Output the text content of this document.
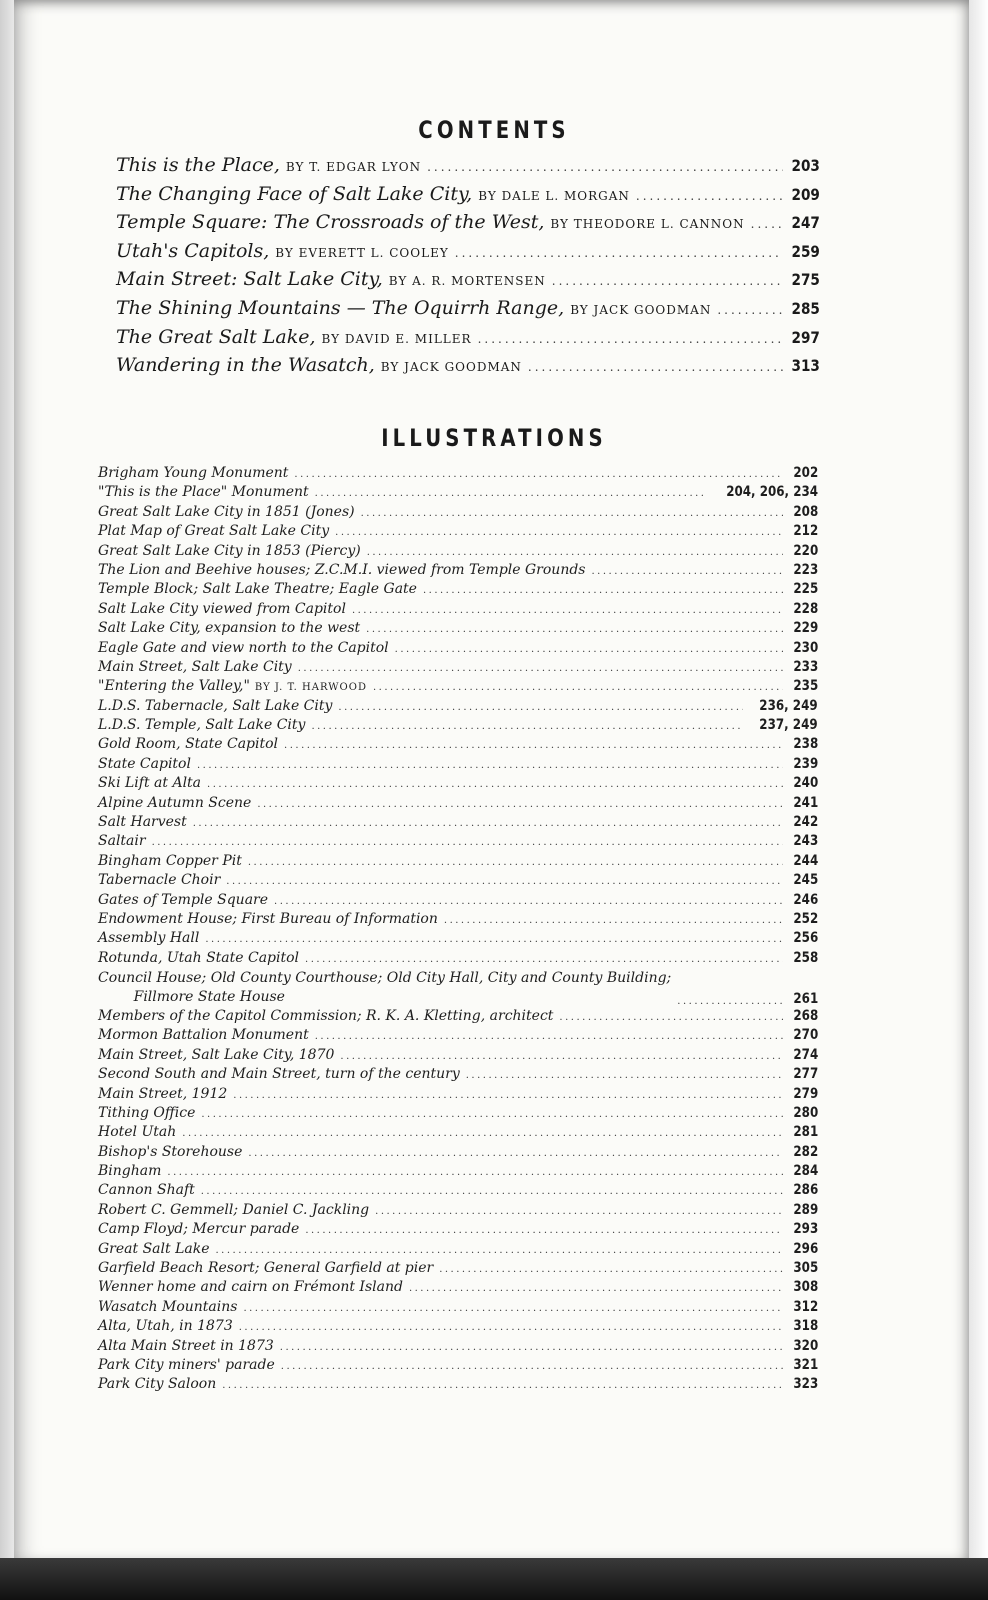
CONTENTS
This is the Place, BY T. EDGAR LYON .....	203
The Changing Face of Salt Lake City, BY DALE L. MORGAN .....	209
Temple Square: The Crossroads of the West, BY THEODORE L. CANNON .....	247
Utah's Capitols, BY EVERETT L. COOLEY .....	259
Main Street: Salt Lake City, BY A. R. MORTENSEN .....	275
The Shining Mountains — The Oquirrh Range, BY JACK GOODMAN .....	285
The Great Salt Lake, BY DAVID E. MILLER .....	297
Wandering in the Wasatch, BY JACK GOODMAN .....	313
ILLUSTRATIONS
Brigham Young Monument .....	202
"This is the Place" Monument .....	204, 206, 234
Great Salt Lake City in 1851 (Jones) .....	208
Plat Map of Great Salt Lake City .....	212
Great Salt Lake City in 1853 (Piercy) .....	220
The Lion and Beehive houses; Z.C.M.I. viewed from Temple Grounds .....	223
Temple Block; Salt Lake Theatre; Eagle Gate .....	225
Salt Lake City viewed from Capitol .....	228
Salt Lake City, expansion to the west .....	229
Eagle Gate and view north to the Capitol .....	230
Main Street, Salt Lake City .....	233
"Entering the Valley," BY J. T. HARWOOD .....	235
L.D.S. Tabernacle, Salt Lake City .....	236, 249
L.D.S. Temple, Salt Lake City .....	237, 249
Gold Room, State Capitol .....	238
State Capitol .....	239
Ski Lift at Alta .....	240
Alpine Autumn Scene .....	241
Salt Harvest .....	242
Saltair .....	243
Bingham Copper Pit .....	244
Tabernacle Choir .....	245
Gates of Temple Square .....	246
Endowment House; First Bureau of Information .....	252
Assembly Hall .....	256
Rotunda, Utah State Capitol .....	258
Council House; Old County Courthouse; Old City Hall, City and County Building;
Fillmore State House .....	261
Members of the Capitol Commission; R. K. A. Kletting, architect .....	268
Mormon Battalion Monument .....	270
Main Street, Salt Lake City, 1870 .....	274
Second South and Main Street, turn of the century .....	277
Main Street, 1912 .....	279
Tithing Office .....	280
Hotel Utah .....	281
Bishop's Storehouse .....	282
Bingham .....	284
Cannon Shaft .....	286
Robert C. Gemmell; Daniel C. Jackling .....	289
Camp Floyd; Mercur parade .....	293
Great Salt Lake .....	296
Garfield Beach Resort; General Garfield at pier .....	305
Wenner home and cairn on Frémont Island .....	308
Wasatch Mountains .....	312
Alta, Utah, in 1873 .....	318
Alta Main Street in 1873 .....	320
Park City miners' parade .....	321
Park City Saloon .....	323
